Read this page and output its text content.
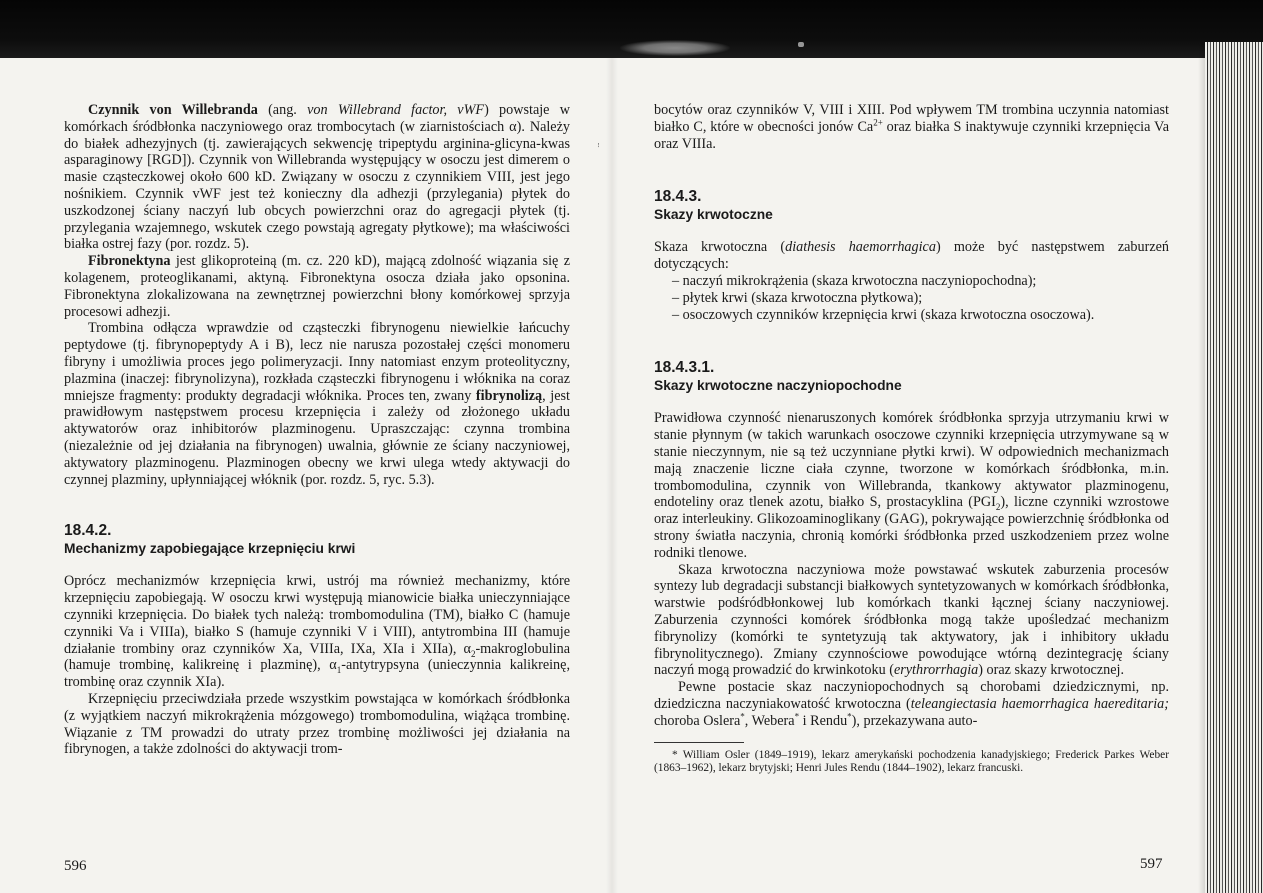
Czynnik von Willebranda (ang. von Willebrand factor, vWF) powstaje w komórkach śródbłonka naczyniowego oraz trombocytach (w ziarnistościach α). Należy do białek adhezyjnych (tj. zawierających sekwencję tripeptydu arginina-glicyna-kwas asparaginowy [RGD]). Czynnik von Willebranda występujący w osoczu jest dimerem o masie cząsteczkowej około 600 kD. Związany w osoczu z czynnikiem VIII, jest jego nośnikiem. Czynnik vWF jest też konieczny dla adhezji (przylegania) płytek do uszkodzonej ściany naczyń lub obcych powierzchni oraz do agregacji płytek (tj. przylegania wzajemnego, wskutek czego powstają agregaty płytkowe); ma właściwości białka ostrej fazy (por. rozdz. 5).

Fibronektyna jest glikoproteiną (m. cz. 220 kD), mającą zdolność wiązania się z kolagenem, proteoglikanami, aktyną. Fibronektyna osocza działa jako opsonina. Fibronektyna zlokalizowana na zewnętrznej powierzchni błony komórkowej sprzyja procesowi adhezji.

Trombina odłącza wprawdzie od cząsteczki fibrynogenu niewielkie łańcuchy peptydowe (tj. fibrynopeptydy A i B), lecz nie narusza pozostałej części monomeru fibryny i umożliwia proces jego polimeryzacji. Inny natomiast enzym proteolityczny, plazmina (inaczej: fibrynolizyna), rozkłada cząsteczki fibrynogenu i włóknika na coraz mniejsze fragmenty: produkty degradacji włóknika. Proces ten, zwany fibrynolizą, jest prawidłowym następstwem procesu krzepnięcia i zależy od złożonego układu aktywatorów oraz inhibitorów plazminogenu. Upraszczając: czynna trombina (niezależnie od jej działania na fibrynogen) uwalnia, głównie ze ściany naczyniowej, aktywatory plazminogenu. Plazminogen obecny we krwi ulega wtedy aktywacji do czynnej plazminy, upłynniającej włóknik (por. rozdz. 5, ryc. 5.3).

18.4.2.

Mechanizmy zapobiegające krzepnięciu krwi

Oprócz mechanizmów krzepnięcia krwi, ustrój ma również mechanizmy, które krzepnięciu zapobiegają. W osoczu krwi występują mianowicie białka unieczynniające czynniki krzepnięcia. Do białek tych należą: trombomodulina (TM), białko C (hamuje czynniki Va i VIIIa), białko S (hamuje czynniki V i VIII), antytrombina III (hamuje działanie trombiny oraz czynników Xa, VIIIa, IXa, XIa i XIIa), $\alpha_2$-makroglobulina (hamuje trombinę, kalikreinę i plazminę), $\alpha_1$-antytrypsyna (unieczynnia kalikreinę, trombinę oraz czynnik XIa).

Krzepnięciu przeciwdziała przede wszystkim powstająca w komórkach śródbłonka (z wyjątkiem naczyń mikrokrążenia mózgowego) trombomodulina, wiążąca trombinę. Wiązanie z TM prowadzi do utraty przez trombinę możliwości jej działania na fibrynogen, a także zdolności do aktywacji trom-

596
ꜝ

bocytów oraz czynników V, VIII i XIII. Pod wpływem TM trombina uczynnia natomiast białko C, które w obecności jonów $Ca^{2+}$ oraz białka S inaktywuje czynniki krzepnięcia Va oraz VIIIa.

18.4.3.

Skazy krwotoczne

Skaza krwotoczna (diathesis haemorrhagica) może być następstwem zaburzeń dotyczących:

– naczyń mikrokrążenia (skaza krwotoczna naczyniopochodna);
– płytek krwi (skaza krwotoczna płytkowa);
– osoczowych czynników krzepnięcia krwi (skaza krwotoczna osoczowa).

18.4.3.1.

Skazy krwotoczne naczyniopochodne

Prawidłowa czynność nienaruszonych komórek śródbłonka sprzyja utrzymaniu krwi w stanie płynnym (w takich warunkach osoczowe czynniki krzepnięcia utrzymywane są w stanie nieczynnym, nie są też uczynniane płytki krwi). W odpowiednich mechanizmach mają znaczenie liczne ciała czynne, tworzone w komórkach śródbłonka, m.in. trombomodulina, czynnik von Willebranda, tkankowy aktywator plazminogenu, endoteliny oraz tlenek azotu, białko S, prostacyklina $(PGI_2)$, liczne czynniki wzrostowe oraz interleukiny. Glikozoaminoglikany (GAG), pokrywające powierzchnię śródbłonka od strony światła naczynia, chronią komórki śródbłonka przed uszkodzeniem przez wolne rodniki tlenowe.

Skaza krwotoczna naczyniowa może powstawać wskutek zaburzenia procesów syntezy lub degradacji substancji białkowych syntetyzowanych w komórkach śródbłonka, warstwie podśródbłonkowej lub komórkach tkanki łącznej ściany naczyniowej. Zaburzenia czynności komórek śródbłonka mogą także upośledzać mechanizm fibrynolizy (komórki te syntetyzują tak aktywatory, jak i inhibitory układu fibrynolitycznego). Zmiany czynnościowe powodujące wtórną dezintegrację ściany naczyń mogą prowadzić do krwinkotoku (erythrorrhagia) oraz skazy krwotocznej.

Pewne postacie skaz naczyniopochodnych są chorobami dziedzicznymi, np. dziedziczna naczyniakowatość krwotoczna (teleangiectasia haemorrhagica haereditaria; choroba Oslera*, Webera* i Rendu*), przekazywana auto-

* William Osler (1849–1919), lekarz amerykański pochodzenia kanadyjskiego; Frederick Parkes Weber (1863–1962), lekarz brytyjski; Henri Jules Rendu (1844–1902), lekarz francuski.

597
